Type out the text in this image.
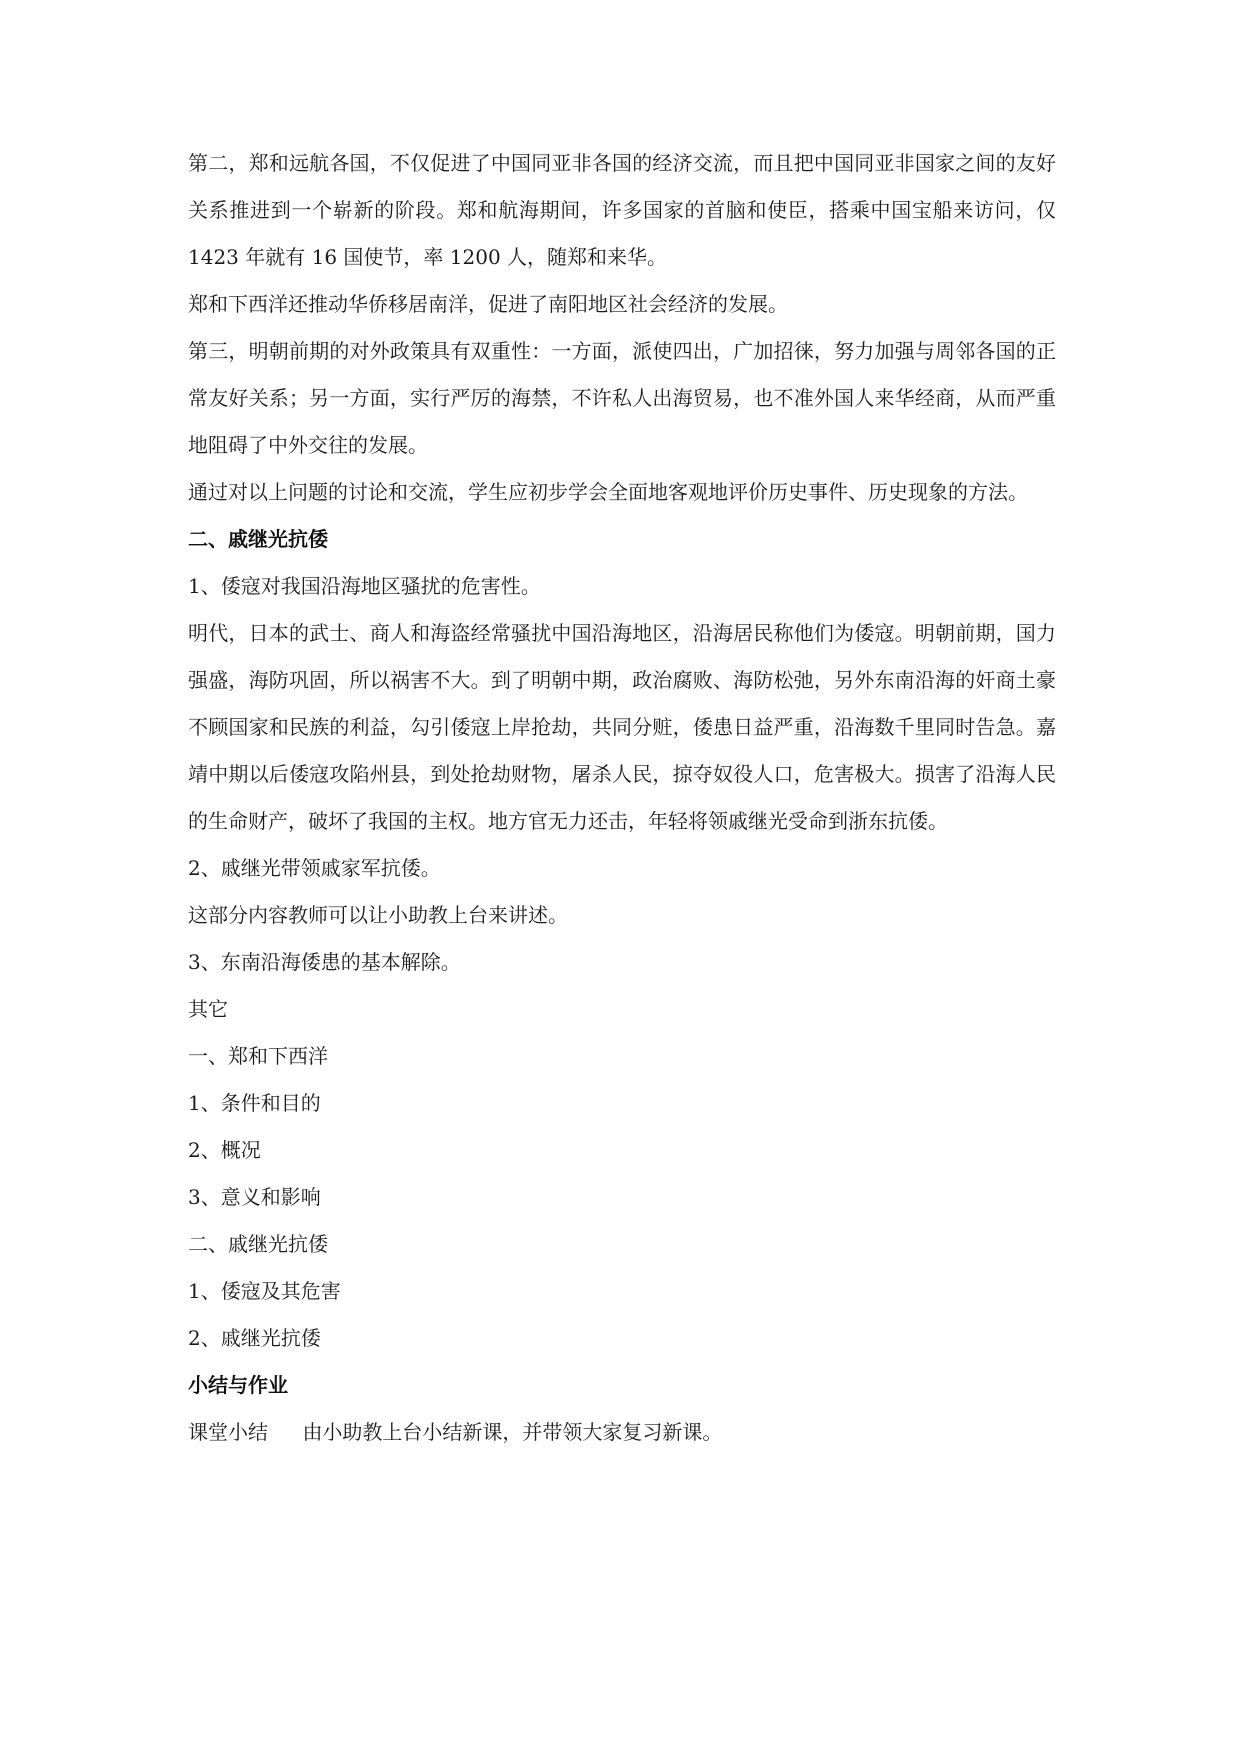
第二，郑和远航各国，不仅促进了中国同亚非各国的经济交流，而且把中国同亚非国家之间的友好关系推进到一个崭新的阶段。郑和航海期间，许多国家的首脑和使臣，搭乘中国宝船来访问，仅 1423 年就有 16 国使节，率 1200 人，随郑和来华。

郑和下西洋还推动华侨移居南洋，促进了南阳地区社会经济的发展。

第三，明朝前期的对外政策具有双重性：一方面，派使四出，广加招徕，努力加强与周邻各国的正常友好关系；另一方面，实行严厉的海禁，不许私人出海贸易，也不准外国人来华经商，从而严重地阻碍了中外交往的发展。

通过对以上问题的讨论和交流，学生应初步学会全面地客观地评价历史事件、历史现象的方法。

二、戚继光抗倭

1、倭寇对我国沿海地区骚扰的危害性。

明代，日本的武士、商人和海盗经常骚扰中国沿海地区，沿海居民称他们为倭寇。明朝前期，国力强盛，海防巩固，所以祸害不大。到了明朝中期，政治腐败、海防松弛，另外东南沿海的奸商土豪不顾国家和民族的利益，勾引倭寇上岸抢劫，共同分赃，倭患日益严重，沿海数千里同时告急。嘉靖中期以后倭寇攻陷州县，到处抢劫财物，屠杀人民，掠夺奴役人口，危害极大。损害了沿海人民的生命财产，破坏了我国的主权。地方官无力还击，年轻将领戚继光受命到浙东抗倭。

2、戚继光带领戚家军抗倭。

这部分内容教师可以让小助教上台来讲述。

3、东南沿海倭患的基本解除。

其它

一、郑和下西洋

1、条件和目的

2、概况

3、意义和影响

二、戚继光抗倭

1、倭寇及其危害

2、戚继光抗倭

小结与作业

课堂小结	由小助教上台小结新课，并带领大家复习新课。
